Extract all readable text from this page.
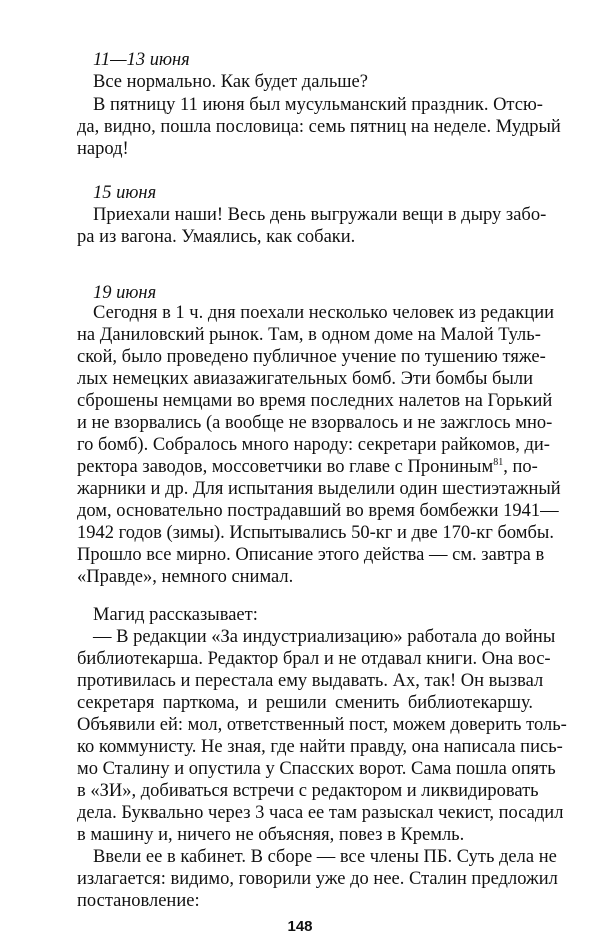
11—13 июня
Все нормально. Как будет дальше?
В пятницу 11 июня был мусульманский праздник. Отсю-
да, видно, пошла пословица: семь пятниц на неделе. Мудрый
народ!
15 июня
Приехали наши! Весь день выгружали вещи в дыру забо-
ра из вагона. Умаялись, как собаки.
19 июня
Сегодня в 1 ч. дня поехали несколько человек из редакции
на Даниловский рынок. Там, в одном доме на Малой Туль-
ской, было проведено публичное учение по тушению тяже-
лых немецких авиазажигательных бомб. Эти бомбы были
сброшены немцами во время последних налетов на Горький
и не взорвались (а вообще не взорвалось и не зажглось мно-
го бомб). Собралось много народу: секретари райкомов, ди-
ректора заводов, моссоветчики во главе с Прониным$^{81}$, по-
жарники и др. Для испытания выделили один шестиэтажный
дом, основательно пострадавший во время бомбежки 1941—
1942 годов (зимы). Испытывались 50-кг и две 170-кг бомбы.
Прошло все мирно. Описание этого действа — см. завтра в
«Правде», немного снимал.
Магид рассказывает:
— В редакции «За индустриализацию» работала до войны
библиотекарша. Редактор брал и не отдавал книги. Она вос-
противилась и перестала ему выдавать. Ах, так! Он вызвал
секретаря парткома, и решили сменить библиотекаршу.
Объявили ей: мол, ответственный пост, можем доверить толь-
ко коммунисту. Не зная, где найти правду, она написала пись-
мо Сталину и опустила у Спасских ворот. Сама пошла опять
в «ЗИ», добиваться встречи с редактором и ликвидировать
дела. Буквально через 3 часа ее там разыскал чекист, посадил
в машину и, ничего не объясняя, повез в Кремль.
Ввели ее в кабинет. В сборе — все члены ПБ. Суть дела не
излагается: видимо, говорили уже до нее. Сталин предложил
постановление:
148
